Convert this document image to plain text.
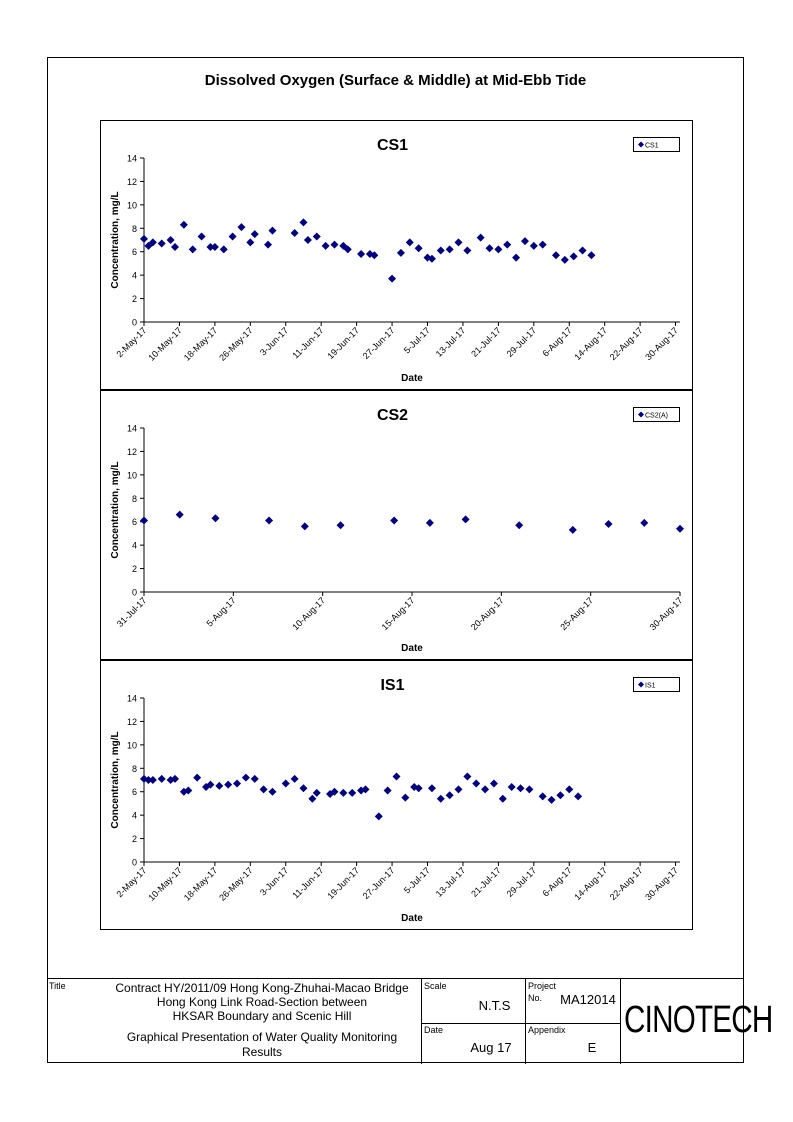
Dissolved Oxygen (Surface & Middle) at Mid-Ebb Tide
CS1
0
2
4
6
8
10
12
14
Concentration, mg/L
2-May-17
10-May-17
18-May-17
26-May-17 3-Jun-17 11-Jun-17 19-Jun-17 27-Jun-17 5-Jul-17 13-Jul-17 21-Jul-17 29-Jul-17 6-Aug-17
14-Aug-17
22-Aug-17
30-Aug-17
Date
CS1
CS2
0
2
4
6
8
10
12
14
Concentration, mg/L
31-Jul-17	5-Aug-17	10-Aug-17	15-Aug-17	20-Aug-17	25-Aug-17	30-Aug-17
Date
CS2(A)
IS1
0
2
4
6
8
10
12
14
Concentration, mg/L
2-May-17
10-May-17
18-May-17
26-May-17 3-Jun-17 11-Jun-17 19-Jun-17 27-Jun-17 5-Jul-17 13-Jul-17 21-Jul-17 29-Jul-17 6-Aug-17
14-Aug-17
22-Aug-17
30-Aug-17
Date
IS1
Title	Contract HY/2011/09 Hong Kong-Zhuhai-Macao Bridge
Hong Kong Link Road-Section between
HKSAR Boundary and Scenic Hill
Graphical Presentation of Water Quality Monitoring
Results
Scale
N.T.S
Date
Aug 17
Project
No. MA12014
Appendix
E
CINOTECH
